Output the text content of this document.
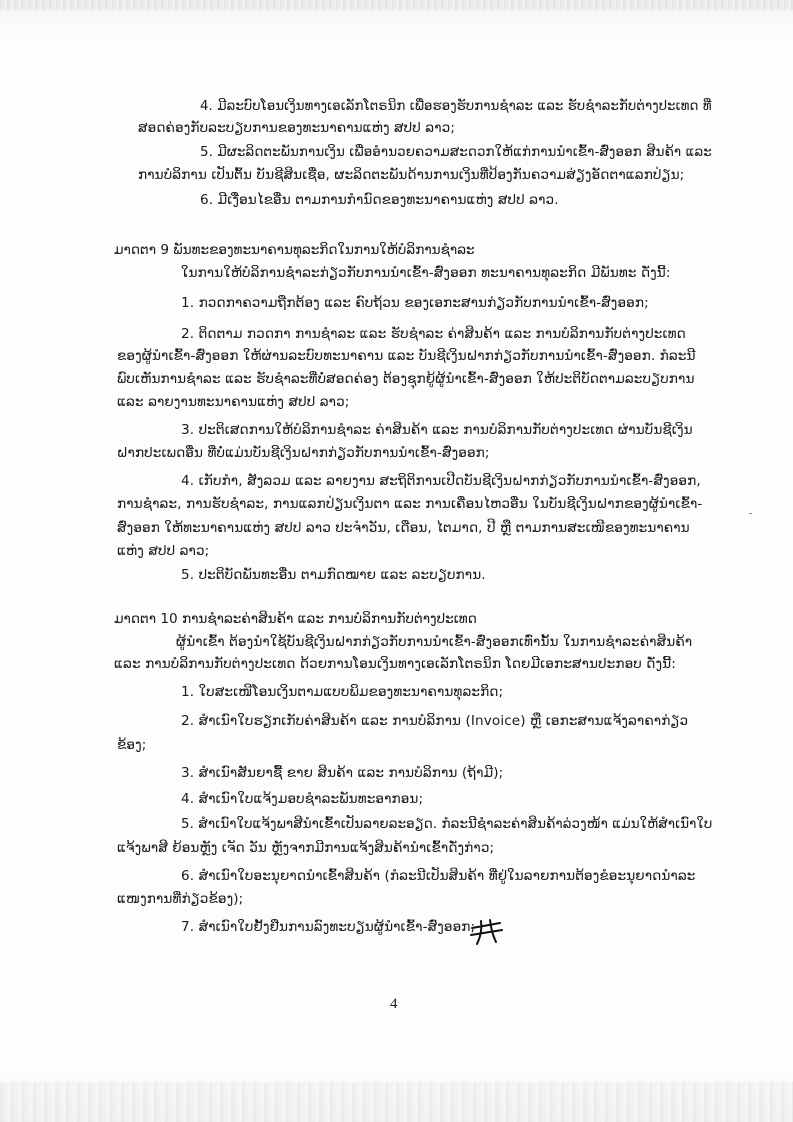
4. ມີລະບົບໂອນເງິນທາງເອເລັກໂຕຣນິກ ເພື່ອຮອງຮັບການຊໍາລະ ແລະ ຮັບຊໍາລະກັບຕ່າງປະເທດ ທີ່
ສອດຄ່ອງກັບລະບຽບການຂອງທະນາຄານແຫ່ງ ສປປ ລາວ;
5. ມີຜະລິດຕະພັນການເງິນ ເພື່ອອໍານວຍຄວາມສະດວກໃຫ້ແກ່ການນໍາເຂົ້າ-ສົ່ງອອກ ສິນຄ້າ ແລະ
ການບໍລິການ ເປັນຕົ້ນ ບັນຊີສິນເຊື່ອ, ຜະລິດຕະພັນດ້ານການເງິນທີ່ປ້ອງກັນຄວາມສ່ຽງອັດຕາແລກປ່ຽນ;
6. ມີເງື່ອນໄຂອື່ນ ຕາມການກໍານົດຂອງທະນາຄານແຫ່ງ ສປປ ລາວ.
ມາດຕາ 9 ພັນທະຂອງທະນາຄານທຸລະກິດໃນການໃຫ້ບໍລິການຊໍາລະ
ໃນການໃຫ້ບໍລິການຊໍາລະກ່ຽວກັບການນໍາເຂົ້າ-ສົ່ງອອກ ທະນາຄານທຸລະກິດ ມີພັນທະ ດັ່ງນີ້:
1. ກວດກາຄວາມຖືກຕ້ອງ ແລະ ຄົບຖ້ວນ ຂອງເອກະສານກ່ຽວກັບການນໍາເຂົ້າ-ສົ່ງອອກ;
2. ຕິດຕາມ ກວດກາ ການຊໍາລະ ແລະ ຮັບຊໍາລະ ຄ່າສິນຄ້າ ແລະ ການບໍລິການກັບຕ່າງປະເທດ
ຂອງຜູ້ນໍາເຂົ້າ-ສົ່ງອອກ ໃຫ້ຜ່ານລະບົບທະນາຄານ ແລະ ບັນຊີເງິນຝາກກ່ຽວກັບການນໍາເຂົ້າ-ສົ່ງອອກ. ກໍລະນີ
ພົບເຫັນການຊໍາລະ ແລະ ຮັບຊໍາລະທີ່ບໍ່ສອດຄ່ອງ ຕ້ອງຊຸກຍູ້ຜູ້ນໍາເຂົ້າ-ສົ່ງອອກ ໃຫ້ປະຕິບັດຕາມລະບຽບການ
ແລະ ລາຍງານທະນາຄານແຫ່ງ ສປປ ລາວ;
3. ປະຕິເສດການໃຫ້ບໍລິການຊໍາລະ ຄ່າສິນຄ້າ ແລະ ການບໍລິການກັບຕ່າງປະເທດ ຜ່ານບັນຊີເງິນ
ຝາກປະເພດອື່ນ ທີ່ບໍ່ແມ່ນບັນຊີເງິນຝາກກ່ຽວກັບການນໍາເຂົ້າ-ສົ່ງອອກ;
4. ເກັບກໍາ, ສັງລວມ ແລະ ລາຍງານ ສະຖິຕິການເປີດບັນຊີເງິນຝາກກ່ຽວກັບການນໍາເຂົ້າ-ສົ່ງອອກ,
ການຊໍາລະ, ການຮັບຊໍາລະ, ການແລກປ່ຽນເງິນຕາ ແລະ ການເຄື່ອນໄຫວອື່ນ ໃນບັນຊີເງິນຝາກຂອງຜູ້ນໍາເຂົ້າ-
ສົ່ງອອກ ໃຫ້ທະນາຄານແຫ່ງ ສປປ ລາວ ປະຈໍາວັນ, ເດືອນ, ໄຕມາດ, ປີ ຫຼື ຕາມການສະເໜີຂອງທະນາຄານ
ແຫ່ງ ສປປ ລາວ;
5. ປະຕິບັດພັນທະອື່ນ ຕາມກົດໝາຍ ແລະ ລະບຽບການ.
ມາດຕາ 10 ການຊໍາລະຄ່າສິນຄ້າ ແລະ ການບໍລິການກັບຕ່າງປະເທດ
ຜູ້ນໍາເຂົ້າ ຕ້ອງນໍາໃຊ້ບັນຊີເງິນຝາກກ່ຽວກັບການນໍາເຂົ້າ-ສົ່ງອອກເທົ່ານັ້ນ ໃນການຊໍາລະຄ່າສິນຄ້າ
ແລະ ການບໍລິການກັບຕ່າງປະເທດ ດ້ວຍການໂອນເງິນທາງເອເລັກໂຕຣນິກ ໂດຍມີເອກະສານປະກອບ ດັ່ງນີ້:
1. ໃບສະເໜີໂອນເງິນຕາມແບບພິມຂອງທະນາຄານທຸລະກິດ;
2. ສໍາເນົາໃບຮຽກເກັບຄ່າສິນຄ້າ ແລະ ການບໍລິການ (Invoice) ຫຼື ເອກະສານແຈ້ງລາຄາກ່ຽວ
ຂ້ອງ;
3. ສໍາເນົາສັນຍາຊື້ ຂາຍ ສິນຄ້າ ແລະ ການບໍລິການ (ຖ້າມີ);
4. ສໍາເນົາໃບແຈ້ງມອບຊໍາລະພັນທະອາກອນ;
5. ສໍາເນົາໃບແຈ້ງພາສີນໍາເຂົ້າເປັນລາຍລະອຽດ. ກໍລະນີຊໍາລະຄ່າສິນຄ້າລ່ວງໜ້າ ແມ່ນໃຫ້ສໍາເນົາໃບ
ແຈ້ງພາສີ ຍ້ອນຫຼັງ ເຈັດ ວັນ ຫຼັງຈາກມີການແຈ້ງສິນຄ້ານໍາເຂົ້າດັ່ງກ່າວ;
6. ສໍາເນົາໃບອະນຸຍາດນໍາເຂົ້າສິນຄ້າ (ກໍລະນີເປັນສິນຄ້າ ທີ່ຢູ່ໃນລາຍການຕ້ອງຂໍອະນຸຍາດນໍາລະ
ແໜງການທີ່ກ່ຽວຂ້ອງ);
7. ສໍາເນົາໃບຢັ້ງຢືນການລົງທະບຽນຜູ້ນໍາເຂົ້າ-ສົ່ງອອກ;
4
